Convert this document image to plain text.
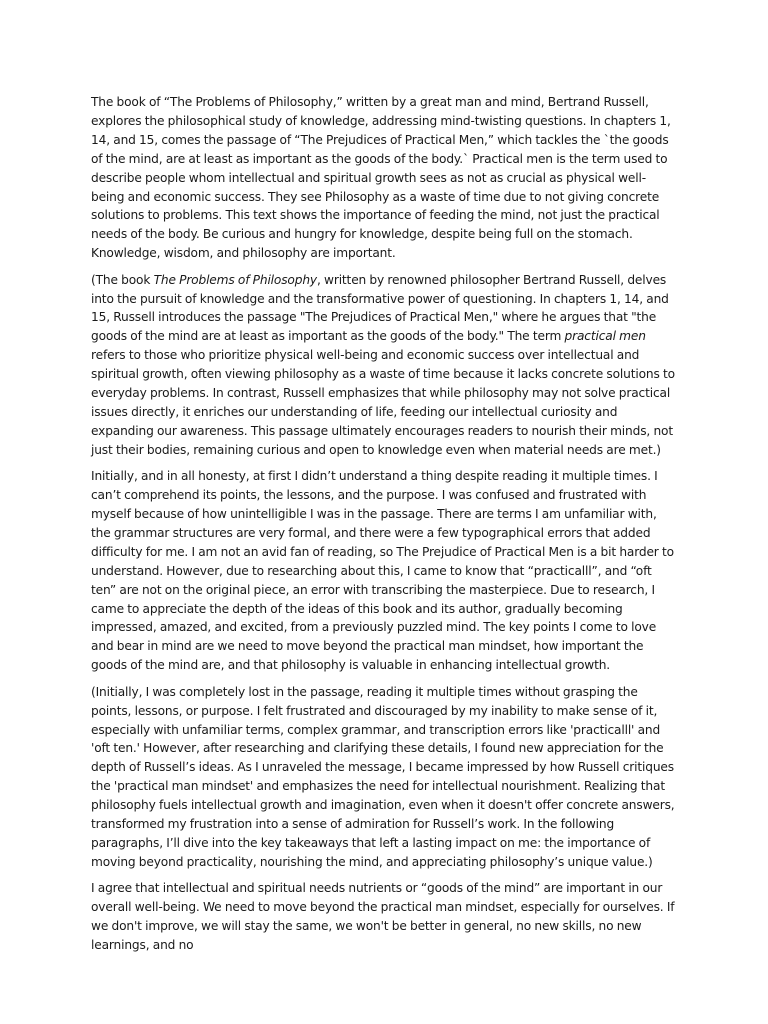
The book of “The Problems of Philosophy,” written by a great man and mind, Bertrand Russell, explores the philosophical study of knowledge, addressing mind-twisting questions. In chapters 1, 14, and 15, comes the passage of “The Prejudices of Practical Men,” which tackles the `the goods of the mind, are at least as important as the goods of the body.` Practical men is the term used to describe people whom intellectual and spiritual growth sees as not as crucial as physical well-being and economic success. They see Philosophy as a waste of time due to not giving concrete solutions to problems. This text shows the importance of feeding the mind, not just the practical needs of the body. Be curious and hungry for knowledge, despite being full on the stomach. Knowledge, wisdom, and philosophy are important.

(The book The Problems of Philosophy, written by renowned philosopher Bertrand Russell, delves into the pursuit of knowledge and the transformative power of questioning. In chapters 1, 14, and 15, Russell introduces the passage "The Prejudices of Practical Men," where he argues that "the goods of the mind are at least as important as the goods of the body." The term practical men refers to those who prioritize physical well-being and economic success over intellectual and spiritual growth, often viewing philosophy as a waste of time because it lacks concrete solutions to everyday problems. In contrast, Russell emphasizes that while philosophy may not solve practical issues directly, it enriches our understanding of life, feeding our intellectual curiosity and expanding our awareness. This passage ultimately encourages readers to nourish their minds, not just their bodies, remaining curious and open to knowledge even when material needs are met.)

Initially, and in all honesty, at first I didn’t understand a thing despite reading it multiple times. I can’t comprehend its points, the lessons, and the purpose. I was confused and frustrated with myself because of how unintelligible I was in the passage. There are terms I am unfamiliar with, the grammar structures are very formal, and there were a few typographical errors that added difficulty for me. I am not an avid fan of reading, so The Prejudice of Practical Men is a bit harder to understand. However, due to researching about this, I came to know that “practicalll”, and “oft ten” are not on the original piece, an error with transcribing the masterpiece. Due to research, I came to appreciate the depth of the ideas of this book and its author, gradually becoming impressed, amazed, and excited, from a previously puzzled mind. The key points I come to love and bear in mind are we need to move beyond the practical man mindset, how important the goods of the mind are, and that philosophy is valuable in enhancing intellectual growth.

(Initially, I was completely lost in the passage, reading it multiple times without grasping the points, lessons, or purpose. I felt frustrated and discouraged by my inability to make sense of it, especially with unfamiliar terms, complex grammar, and transcription errors like 'practicalll' and 'oft ten.' However, after researching and clarifying these details, I found new appreciation for the depth of Russell’s ideas. As I unraveled the message, I became impressed by how Russell critiques the 'practical man mindset' and emphasizes the need for intellectual nourishment. Realizing that philosophy fuels intellectual growth and imagination, even when it doesn't offer concrete answers, transformed my frustration into a sense of admiration for Russell’s work. In the following paragraphs, I’ll dive into the key takeaways that left a lasting impact on me: the importance of moving beyond practicality, nourishing the mind, and appreciating philosophy’s unique value.)

I agree that intellectual and spiritual needs nutrients or “goods of the mind” are important in our overall well-being. We need to move beyond the practical man mindset, especially for ourselves. If we don't improve, we will stay the same, we won't be better in general, no new skills, no new learnings, and no
